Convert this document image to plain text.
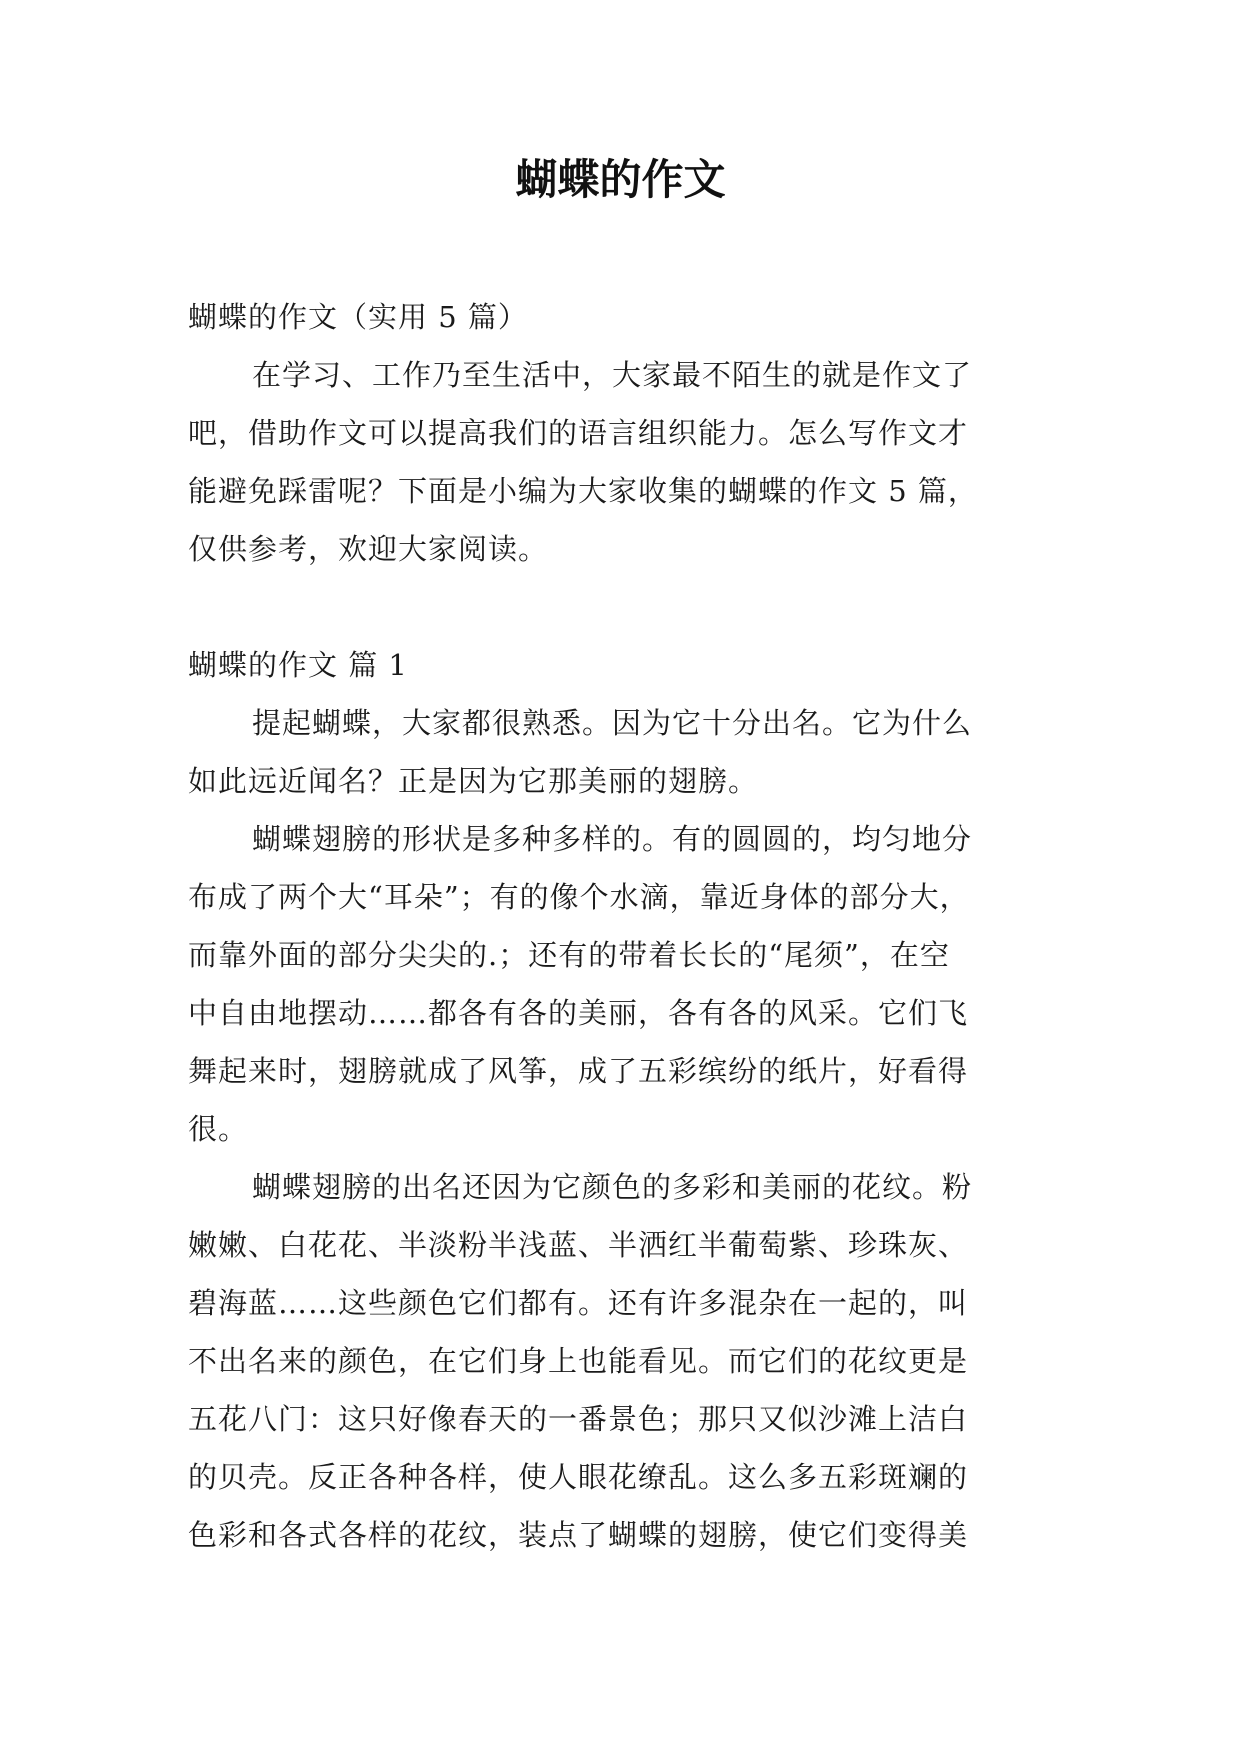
蝴蝶的作文

蝴蝶的作文（实用 5 篇）

在学习、工作乃至生活中，大家最不陌生的就是作文了

吧，借助作文可以提高我们的语言组织能力。怎么写作文才

能避免踩雷呢？下面是小编为大家收集的蝴蝶的作文 5 篇，

仅供参考，欢迎大家阅读。

蝴蝶的作文 篇 1

提起蝴蝶，大家都很熟悉。因为它十分出名。它为什么

如此远近闻名？正是因为它那美丽的翅膀。

蝴蝶翅膀的形状是多种多样的。有的圆圆的，均匀地分

布成了两个大“耳朵”；有的像个水滴，靠近身体的部分大，

而靠外面的部分尖尖的.；还有的带着长长的“尾须”，在空

中自由地摆动……都各有各的美丽，各有各的风采。它们飞

舞起来时，翅膀就成了风筝，成了五彩缤纷的纸片，好看得

很。

蝴蝶翅膀的出名还因为它颜色的多彩和美丽的花纹。粉

嫩嫩、白花花、半淡粉半浅蓝、半洒红半葡萄紫、珍珠灰、

碧海蓝……这些颜色它们都有。还有许多混杂在一起的，叫

不出名来的颜色，在它们身上也能看见。而它们的花纹更是

五花八门：这只好像春天的一番景色；那只又似沙滩上洁白

的贝壳。反正各种各样，使人眼花缭乱。这么多五彩斑斓的

色彩和各式各样的花纹，装点了蝴蝶的翅膀，使它们变得美
